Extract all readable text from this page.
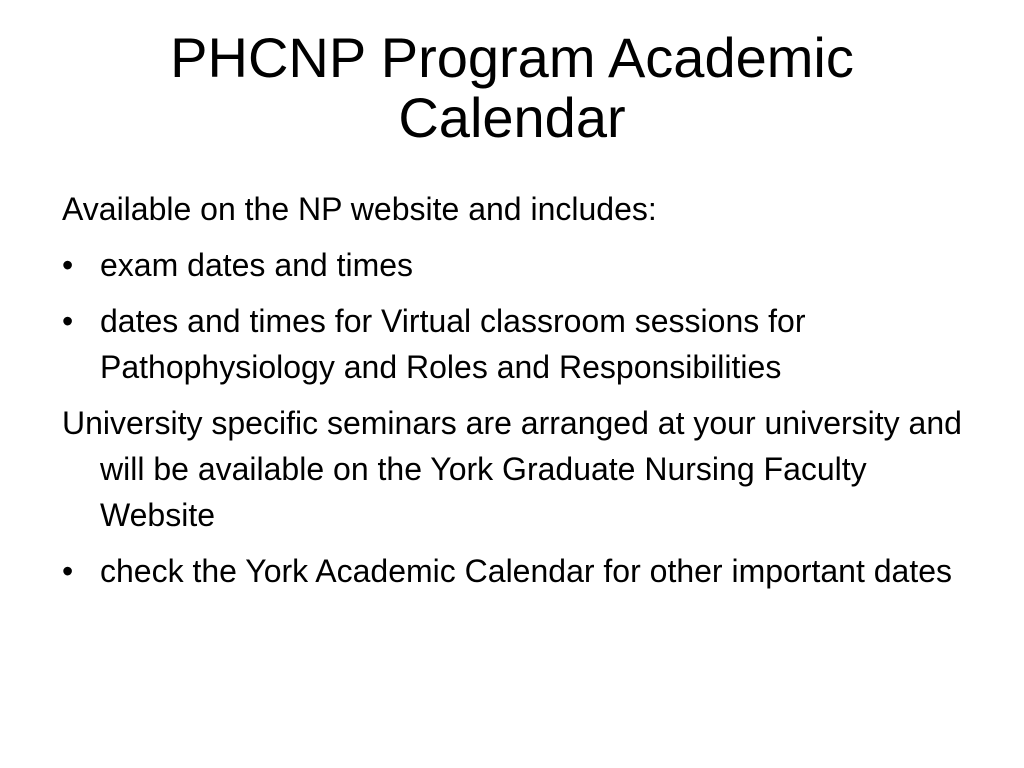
PHCNP Program Academic Calendar

Available on the NP website and includes:

• exam dates and times
• dates and times for Virtual classroom sessions for Pathophysiology and Roles and Responsibilities

University specific seminars are arranged at your university and will be available on the York Graduate Nursing Faculty Website

• check the York Academic Calendar for other important dates
